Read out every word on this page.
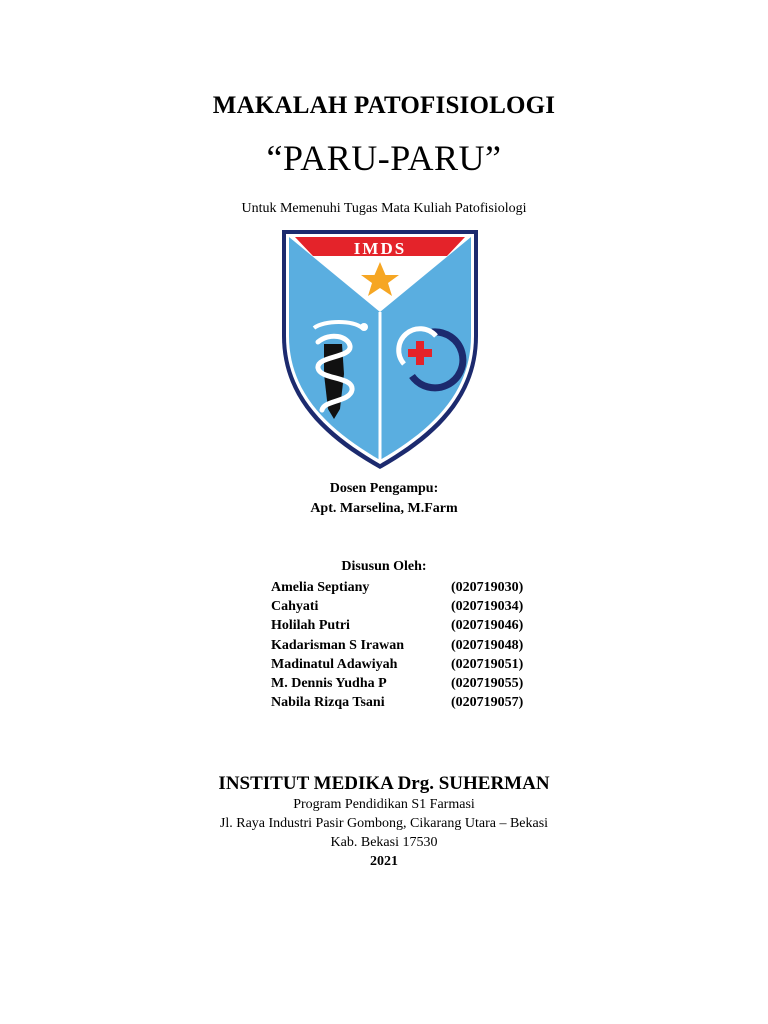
MAKALAH PATOFISIOLOGI
“PARU-PARU”
Untuk Memenuhi Tugas Mata Kuliah Patofisiologi
IMDS
Dosen Pengampu:
Apt. Marselina, M.Farm
Disusun Oleh:
Amelia Septiany	(020719030)
Cahyati	(020719034)
Holilah Putri	(020719046)
Kadarisman S Irawan	(020719048)
Madinatul Adawiyah	(020719051)
M. Dennis Yudha P	(020719055)
Nabila Rizqa Tsani	(020719057)
INSTITUT MEDIKA Drg. SUHERMAN
Program Pendidikan S1 Farmasi
Jl. Raya Industri Pasir Gombong, Cikarang Utara – Bekasi
Kab. Bekasi 17530
2021
